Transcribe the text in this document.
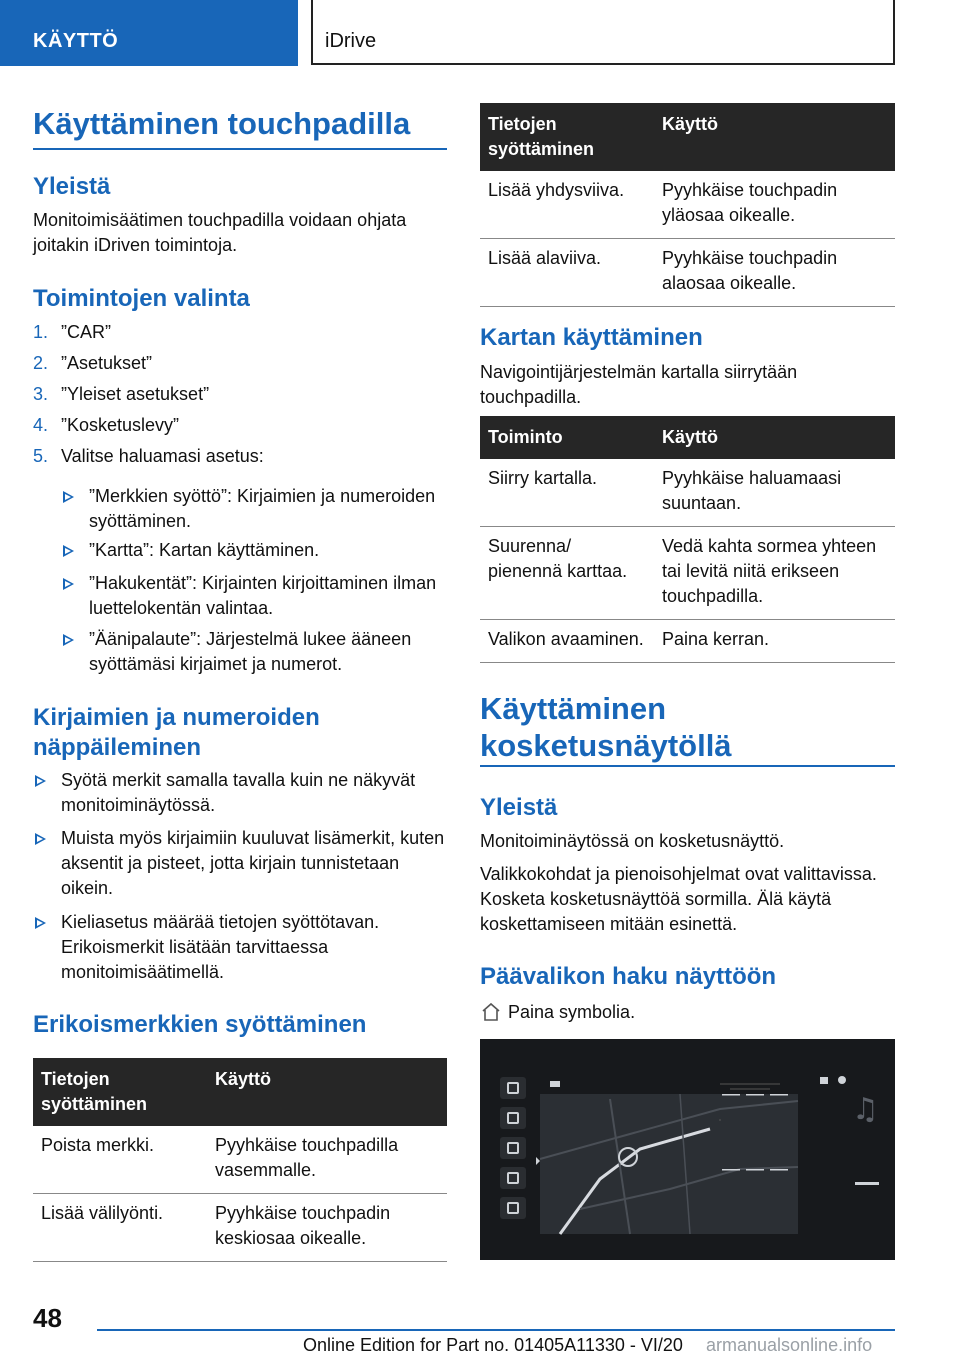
KÄYTTÖ	iDrive
Käyttäminen touchpadilla
Yleistä
Monitoimisäätimen touchpadilla voidaan ohjata joitakin iDriven toimintoja.
Toimintojen valinta
1. ”CAR”
2. ”Asetukset”
3. ”Yleiset asetukset”
4. ”Kosketuslevy”
5. Valitse haluamasi asetus:
”Merkkien syöttö”: Kirjaimien ja numeroiden syöttäminen.
”Kartta”: Kartan käyttäminen.
”Hakukentät”: Kirjainten kirjoittaminen ilman luettelokentän valintaa.
”Äänipalaute”: Järjestelmä lukee ääneen syöttämäsi kirjaimet ja numerot.
Kirjaimien ja numeroiden näppäileminen
Syötä merkit samalla tavalla kuin ne näkyvät monitoiminäytössä.
Muista myös kirjaimiin kuuluvat lisämerkit, kuten aksentit ja pisteet, jotta kirjain tunnistetaan oikein.
Kieliasetus määrää tietojen syöttötavan. Erikoismerkit lisätään tarvittaessa monitoimisäätimellä.
Erikoismerkkien syöttäminen
Tietojen syöttäminen	Käyttö
Poista merkki.	Pyyhkäise touchpadilla vasemmalle.
Lisää välilyönti.	Pyyhkäise touchpadin keskiosaa oikealle.
Tietojen syöttäminen	Käyttö
Lisää yhdysviiva.	Pyyhkäise touchpadin yläosaa oikealle.
Lisää alaviiva.	Pyyhkäise touchpadin alaosaa oikealle.
Kartan käyttäminen
Navigointijärjestelmän kartalla siirrytään touchpadilla.
Toiminto	Käyttö
Siirry kartalla.	Pyyhkäise haluamaasi suuntaan.
Suurenna/ pienennä karttaa.	Vedä kahta sormea yhteen tai levitä niitä erikseen touchpadilla.
Valikon avaaminen.	Paina kerran.
Käyttäminen kosketusnäytöllä
Yleistä
Monitoiminäytössä on kosketusnäyttö.
Valikkokohdat ja pienoisohjelmat ovat valittavissa. Kosketa kosketusnäyttöä sormilla. Älä käytä koskettamiseen mitään esinettä.
Päävalikon haku näyttöön
Paina symbolia.
♫
48
Online Edition for Part no. 01405A11330 - VI/20 armanualsonline.info
